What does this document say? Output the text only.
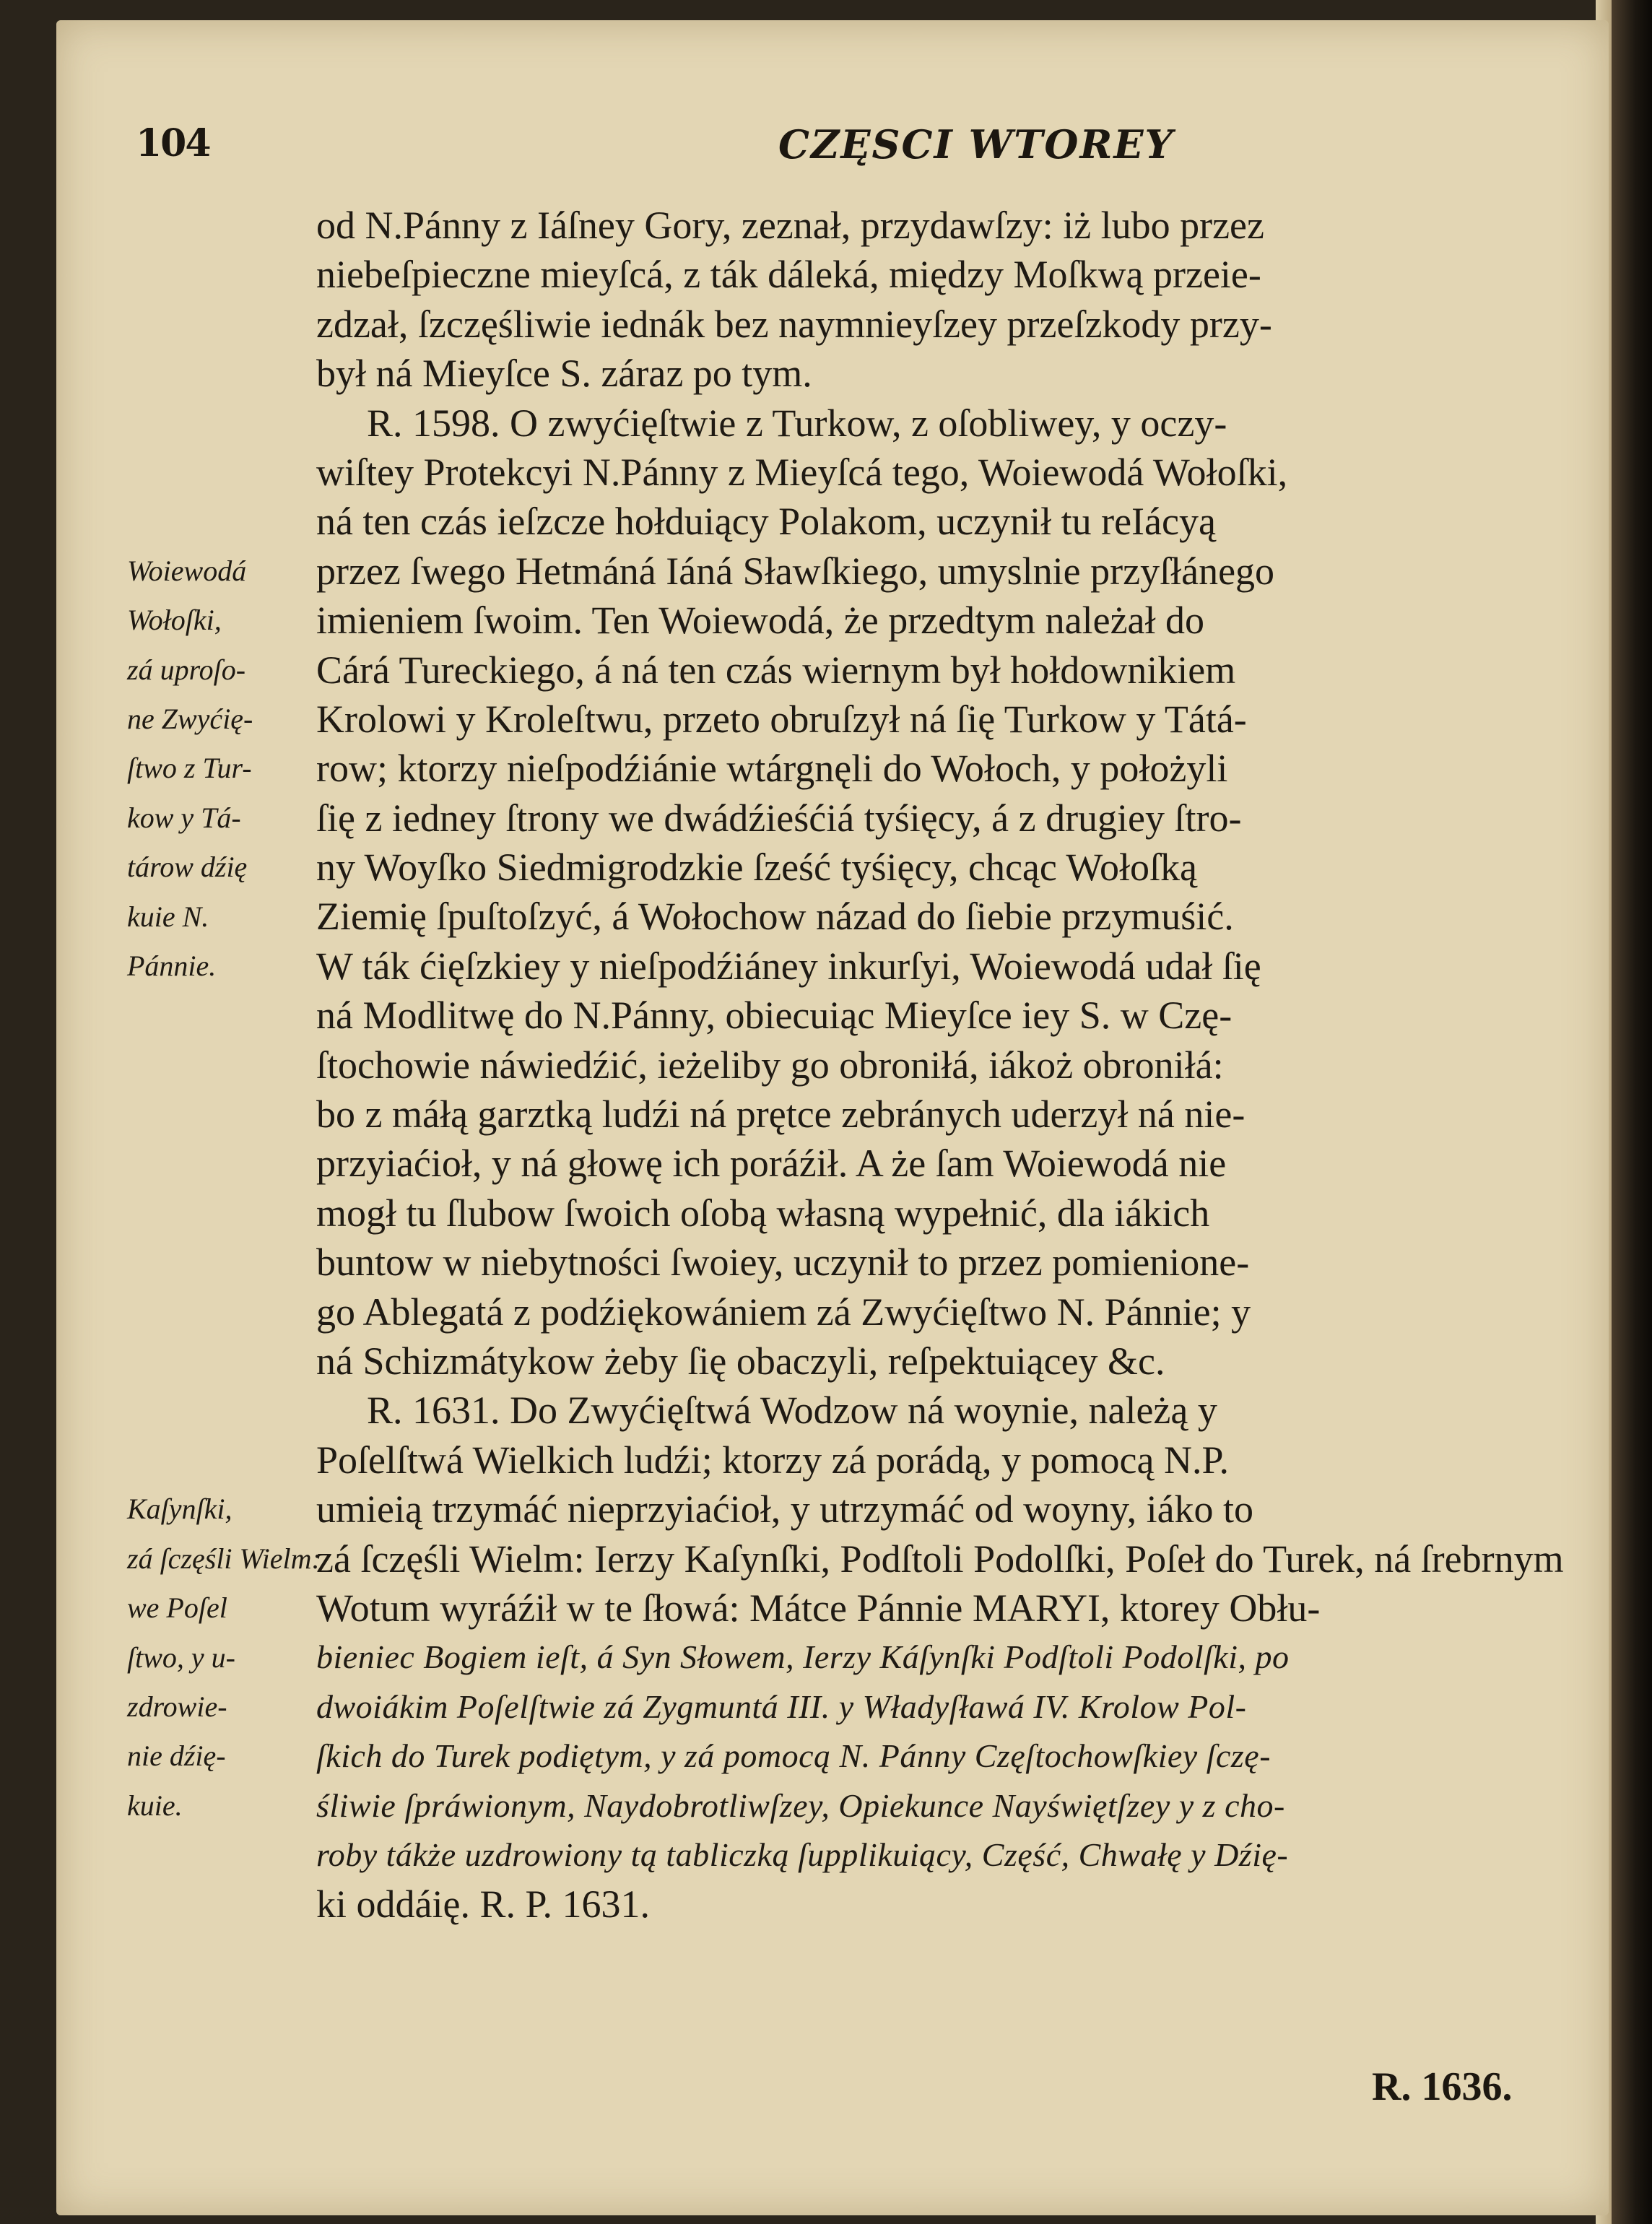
104	CZĘSCI WTOREY
od N.Pánny z Iáſney Gory, zeznał, przydawſzy: iż lubo przez
niebeſpieczne mieyſcá, z ták dáleká, między Moſkwą przeie-
zdzał, ſzczęśliwie iednák bez naymnieyſzey przeſzkody przy-
był ná Mieyſce S. záraz po tym.
R. 1598. O zwyćięſtwie z Turkow, z oſobliwey, y oczy-
wiſtey Protekcyi N.Pánny z Mieyſcá tego, Woiewodá Wołoſki,
ná ten czás ieſzcze hołduiący Polakom, uczynił tu reIácyą
przez ſwego Hetmáná Iáná Sławſkiego, umyslnie przyſłánego
imieniem ſwoim. Ten Woiewodá, że przedtym należał do
Cárá Tureckiego, á ná ten czás wiernym był hołdownikiem
Krolowi y Kroleſtwu, przeto obruſzył ná ſię Turkow y Tátá-
row; ktorzy nieſpodźiánie wtárgnęli do Wołoch, y położyli
ſię z iedney ſtrony we dwádźieśćiá tyśięcy, á z drugiey ſtro-
ny Woyſko Siedmigrodzkie ſześć tyśięcy, chcąc Wołoſką
Ziemię ſpuſtoſzyć, á Wołochow názad do ſiebie przymuśić.
W ták ćięſzkiey y nieſpodźiáney inkurſyi, Woiewodá udał ſię
ná Modlitwę do N.Pánny, obiecuiąc Mieyſce iey S. w Czę-
ſtochowie náwiedźić, ieżeliby go obroniłá, iákoż obroniłá:
bo z máłą garztką ludźi ná prętce zebránych uderzył ná nie-
przyiaćioł, y ná głowę ich poráźił. A że ſam Woiewodá nie
mogł tu ſlubow ſwoich oſobą własną wypełnić, dla iákich
buntow w niebytności ſwoiey, uczynił to przez pomienione-
go Ablegatá z podźiękowániem zá Zwyćięſtwo N. Pánnie; y
ná Schizmátykow żeby ſię obaczyli, reſpektuiącey &c.
R. 1631. Do Zwyćięſtwá Wodzow ná woynie, należą y
Poſelſtwá Wielkich ludźi; ktorzy zá porádą, y pomocą N.P.
umieią trzymáć nieprzyiaćioł, y utrzymáć od woyny, iáko to
zá ſczęśli Wielm: Ierzy Kaſynſki, Podſtoli Podolſki, Poſeł do Turek, ná ſrebrnym
Wotum wyráźił w te ſłowá: Mátce Pánnie MARYI, ktorey Obłu-
bieniec Bogiem ieſt, á Syn Słowem, Ierzy Káſynſki Podſtoli Podolſki, po
dwoiákim Poſelſtwie zá Zygmuntá III. y Władyſławá IV. Krolow Pol-
ſkich do Turek podiętym, y zá pomocą N. Pánny Częſtochowſkiey ſczę-
śliwie ſpráwionym, Naydobrotliwſzey, Opiekunce Nayświętſzey y z cho-
roby tákże uzdrowiony tą tabliczką ſupplikuiący, Część, Chwałę y Dźię-
ki oddáię. R. P. 1631.
Woiewodá
Wołoſki,
zá uproſo-
ne Zwyćię-
ſtwo z Tur-
kow y Tá-
tárow dźię
kuie N.
Pánnie.
Kaſynſki,
zá ſczęśli Wielm:
we Poſel
ſtwo, y u-
zdrowie-
nie dźię-
kuie.
R. 1636.
